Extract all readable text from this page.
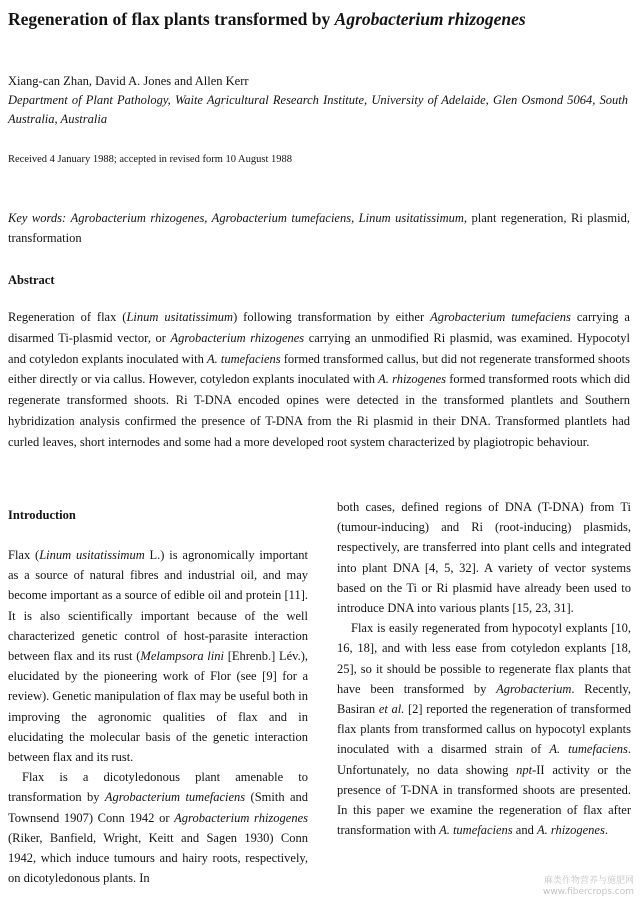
Regeneration of flax plants transformed by Agrobacterium rhizogenes
Xiang-can Zhan, David A. Jones and Allen Kerr
Department of Plant Pathology, Waite Agricultural Research Institute, University of Adelaide, Glen Osmond 5064, South Australia, Australia
Received 4 January 1988; accepted in revised form 10 August 1988
Key words: Agrobacterium rhizogenes, Agrobacterium tumefaciens, Linum usitatissimum, plant regeneration, Ri plasmid, transformation
Abstract
Regeneration of flax (Linum usitatissimum) following transformation by either Agrobacterium tumefaciens carrying a disarmed Ti-plasmid vector, or Agrobacterium rhizogenes carrying an unmodified Ri plasmid, was examined. Hypocotyl and cotyledon explants inoculated with A. tumefaciens formed transformed callus, but did not regenerate transformed shoots either directly or via callus. However, cotyledon explants inoculated with A. rhizogenes formed transformed roots which did regenerate transformed shoots. Ri T-DNA encoded opines were detected in the transformed plantlets and Southern hybridization analysis confirmed the presence of T-DNA from the Ri plasmid in their DNA. Transformed plantlets had curled leaves, short internodes and some had a more developed root system characterized by plagiotropic behaviour.
Introduction

Flax (Linum usitatissimum L.) is agronomically important as a source of natural fibres and industrial oil, and may become important as a source of edible oil and protein [11]. It is also scientifically important because of the well characterized genetic control of host-parasite interaction between flax and its rust (Melampsora lini [Ehrenb.] Lév.), elucidated by the pioneering work of Flor (see [9] for a review). Genetic manipulation of flax may be useful both in improving the agronomic qualities of flax and in elucidating the molecular basis of the genetic interaction between flax and its rust.

Flax is a dicotyledonous plant amenable to transformation by Agrobacterium tumefaciens (Smith and Townsend 1907) Conn 1942 or Agrobacterium rhizogenes (Riker, Banfield, Wright, Keitt and Sagen 1930) Conn 1942, which induce tumours and hairy roots, respectively, on dicotyledonous plants. In

both cases, defined regions of DNA (T-DNA) from Ti (tumour-inducing) and Ri (root-inducing) plasmids, respectively, are transferred into plant cells and integrated into plant DNA [4, 5, 32]. A variety of vector systems based on the Ti or Ri plasmid have already been used to introduce DNA into various plants [15, 23, 31].

Flax is easily regenerated from hypocotyl explants [10, 16, 18], and with less ease from cotyledon explants [18, 25], so it should be possible to regenerate flax plants that have been transformed by Agrobacterium. Recently, Basiran et al. [2] reported the regeneration of transformed flax plants from transformed callus on hypocotyl explants inoculated with a disarmed strain of A. tumefaciens. Unfortunately, no data showing npt-II activity or the presence of T-DNA in transformed shoots are presented. In this paper we examine the regeneration of flax after transformation with A. tumefaciens and A. rhizogenes.

麻类作物营养与施肥网
www.fibercrops.com
